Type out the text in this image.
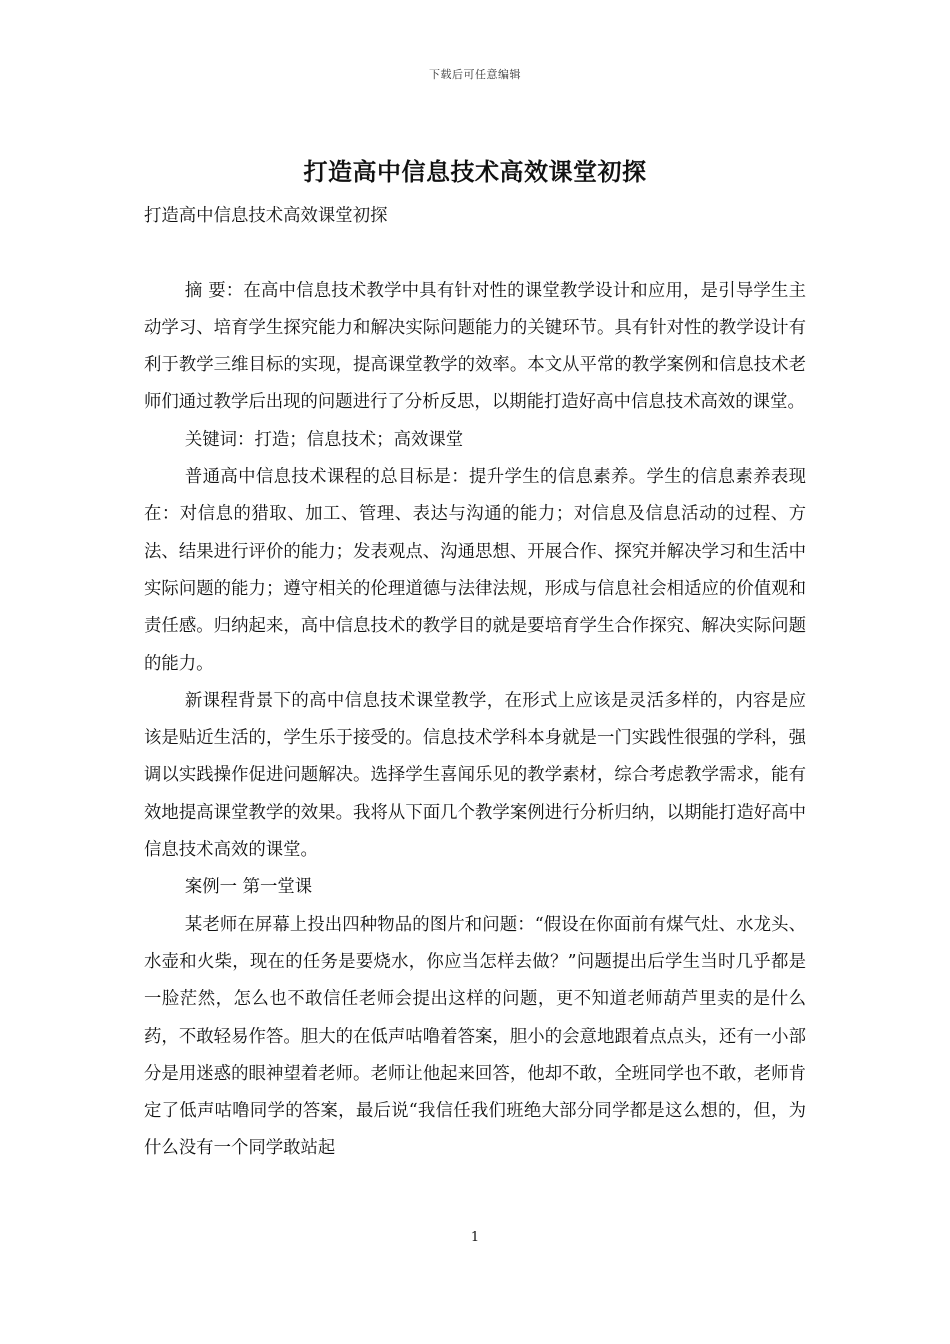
下载后可任意编辑
打造高中信息技术高效课堂初探

打造高中信息技术高效课堂初探

摘 要：在高中信息技术教学中具有针对性的课堂教学设计和应用，是引导学生主动学习、培育学生探究能力和解决实际问题能力的关键环节。具有针对性的教学设计有利于教学三维目标的实现，提高课堂教学的效率。本文从平常的教学案例和信息技术老师们通过教学后出现的问题进行了分析反思，以期能打造好高中信息技术高效的课堂。

关键词：打造；信息技术；高效课堂

普通高中信息技术课程的总目标是：提升学生的信息素养。学生的信息素养表现在：对信息的猎取、加工、管理、表达与沟通的能力；对信息及信息活动的过程、方法、结果进行评价的能力；发表观点、沟通思想、开展合作、探究并解决学习和生活中实际问题的能力；遵守相关的伦理道德与法律法规，形成与信息社会相适应的价值观和责任感。归纳起来，高中信息技术的教学目的就是要培育学生合作探究、解决实际问题的能力。

新课程背景下的高中信息技术课堂教学，在形式上应该是灵活多样的，内容是应该是贴近生活的，学生乐于接受的。信息技术学科本身就是一门实践性很强的学科，强调以实践操作促进问题解决。选择学生喜闻乐见的教学素材，综合考虑教学需求，能有效地提高课堂教学的效果。我将从下面几个教学案例进行分析归纳，以期能打造好高中信息技术高效的课堂。

案例一 第一堂课

某老师在屏幕上投出四种物品的图片和问题：“假设在你面前有煤气灶、水龙头、水壶和火柴，现在的任务是要烧水，你应当怎样去做？”问题提出后学生当时几乎都是一脸茫然，怎么也不敢信任老师会提出这样的问题，更不知道老师葫芦里卖的是什么药，不敢轻易作答。胆大的在低声咕噜着答案，胆小的会意地跟着点点头，还有一小部分是用迷惑的眼神望着老师。老师让他起来回答，他却不敢，全班同学也不敢，老师肯定了低声咕噜同学的答案，最后说“我信任我们班绝大部分同学都是这么想的，但，为什么没有一个同学敢站起

1
